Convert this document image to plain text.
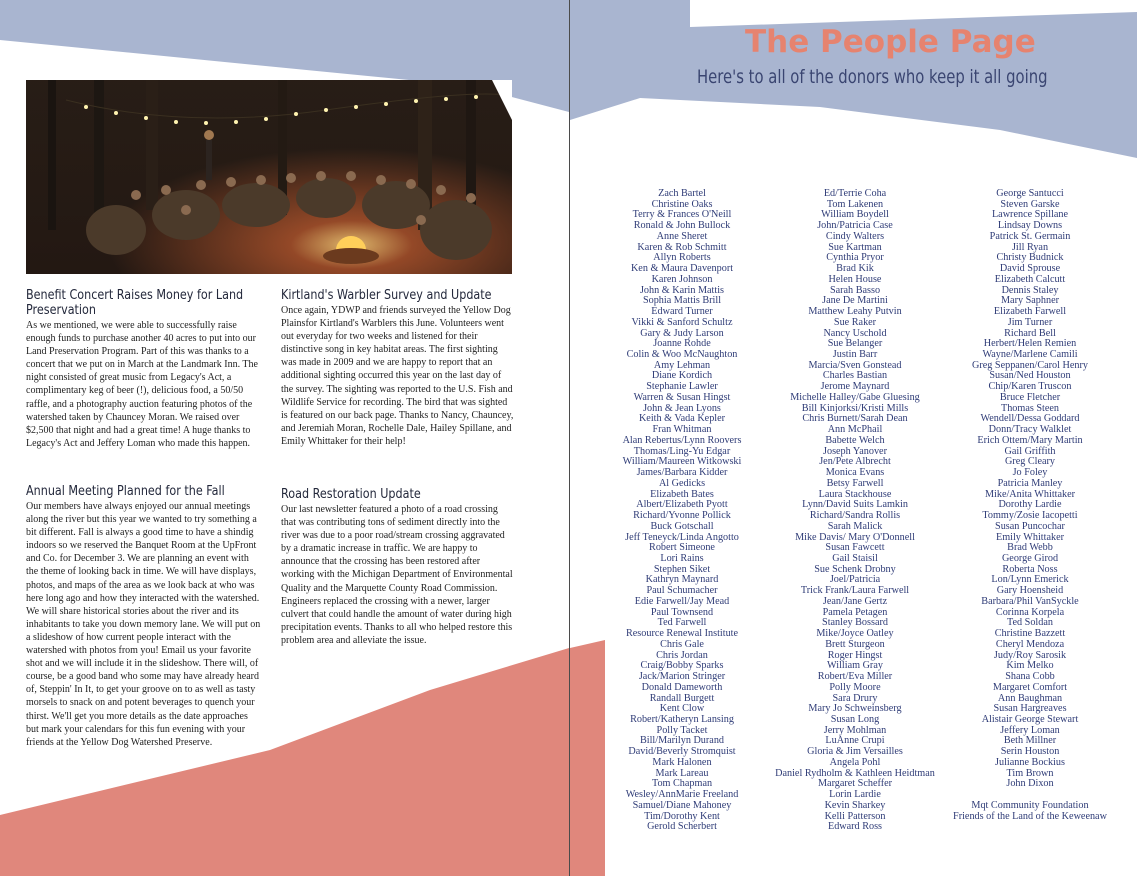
Benefit Concert Raises Money for Land Preservation

As we mentioned, we were able to successfully raise enough funds to purchase another 40 acres to put into our Land Preservation Program. Part of this was thanks to a concert that we put on in March at the Landmark Inn. The night consisted of great music from Legacy's Act, a complimentary keg of beer (!), delicious food, a 50/50 raffle, and a photography auction featuring photos of the watershed taken by Chauncey Moran. We raised over $2,500 that night and had a great time! A huge thanks to Legacy's Act and Jeffery Loman who made this happen.

Annual Meeting Planned for the Fall

Our members have always enjoyed our annual meetings along the river but this year we wanted to try something a bit different. Fall is always a good time to have a shindig indoors so we reserved the Banquet Room at the UpFront and Co. for December 3. We are planning an event with the theme of looking back in time. We will have displays, photos, and maps of the area as we look back at who was here long ago and how they interacted with the watershed. We will share historical stories about the river and its inhabitants to take you down memory lane. We will put on a slideshow of how current people interact with the watershed with photos from you! Email us your favorite shot and we will include it in the slideshow. There will, of course, be a good band who some may have already heard of, Steppin' In It, to get your groove on to as well as tasty morsels to snack on and potent beverages to quench your thirst. We'll get you more details as the date approaches but mark your calendars for this fun evening with your friends at the Yellow Dog Watershed Preserve.

Kirtland's Warbler Survey and Update

Once again, YDWP and friends surveyed the Yellow Dog Plainsfor Kirtland's Warblers this June. Volunteers went out everyday for two weeks and listened for their distinctive song in key habitat areas. The first sighting was made in 2009 and we are happy to report that an additional sighting occurred this year on the last day of the survey. The sighting was reported to the U.S. Fish and Wildlife Service for recording. The bird that was sighted is featured on our back page. Thanks to Nancy, Chauncey, and Jeremiah Moran, Rochelle Dale, Hailey Spillane, and Emily Whittaker for their help!

Road Restoration Update

Our last newsletter featured a photo of a road crossing that was contributing tons of sediment directly into the river was due to a poor road/stream crossing aggravated by a dramatic increase in traffic. We are happy to announce that the crossing has been restored after working with the Michigan Department of Environmental Quality and the Marquette County Road Commission. Engineers replaced the crossing with a newer, larger culvert that could handle the amount of water during high precipitation events. Thanks to all who helped restore this problem area and alleviate the issue.

The People Page
Here's to all of the donors who keep it all going
Zach Bartel
Christine Oaks
Terry & Frances O'Neill
Ronald & John Bullock
Anne Sheret
Karen & Rob Schmitt
Allyn Roberts
Ken & Maura Davenport
Karen Johnson
John & Karin Mattis
Sophia Mattis Brill
Edward Turner
Vikki & Sanford Schultz
Gary & Judy Larson
Joanne Rohde
Colin & Woo McNaughton
Amy Lehman
Diane Kordich
Stephanie Lawler
Warren & Susan Hingst
John & Jean Lyons
Keith & Vada Kepler
Fran Whitman
Alan Rebertus/Lynn Roovers
Thomas/Ling-Yu Edgar
William/Maureen Witkowski
James/Barbara Kidder
Al Gedicks
Elizabeth Bates
Albert/Elizabeth Pyott
Richard/Yvonne Pollick
Buck Gotschall
Jeff Teneyck/Linda Angotto
Robert Simeone
Lori Rains
Stephen Siket
Kathryn Maynard
Paul Schumacher
Edie Farwell/Jay Mead
Paul Townsend
Ted Farwell
Resource Renewal Institute
Chris Gale
Chris Jordan
Craig/Bobby Sparks
Jack/Marion Stringer
Donald Dameworth
Randall Burgett
Kent Clow
Robert/Katheryn Lansing
Polly Tacket
Bill/Marilyn Durand
David/Beverly Stromquist
Mark Halonen
Mark Lareau
Tom Chapman
Wesley/AnnMarie Freeland
Samuel/Diane Mahoney
Tim/Dorothy Kent
Gerold Scherbert
Ed/Terrie Coha
Tom Lakenen
William Boydell
John/Patricia Case
Cindy Walters
Sue Kartman
Cynthia Pryor
Brad Kik
Helen House
Sarah Basso
Jane De Martini
Matthew Leahy Putvin
Sue Raker
Nancy Uschold
Sue Belanger
Justin Barr
Marcia/Sven Gonstead
Charles Bastian
Jerome Maynard
Michelle Halley/Gabe Gluesing
Bill Kinjorksi/Kristi Mills
Chris Burnett/Sarah Dean
Ann McPhail
Babette Welch
Joseph Yanover
Jen/Pete Albrecht
Monica Evans
Betsy Farwell
Laura Stackhouse
Lynn/David Suits Lamkin
Richard/Sandra Rollis
Sarah Malick
Mike Davis/ Mary O'Donnell
Susan Fawcett
Gail Staisil
Sue Schenk Drobny
Joel/Patricia
Trick Frank/Laura Farwell
Jean/Jane Gertz
Pamela Petagen
Stanley Bossard
Mike/Joyce Oatley
Brett Sturgeon
Roger Hingst
William Gray
Robert/Eva Miller
Polly Moore
Sara Drury
Mary Jo Schweinsberg
Susan Long
Jerry Mohlman
LuAnne Crupi
Gloria & Jim Versailles
Angela Pohl
Daniel Rydholm & Kathleen Heidtman
Margaret Scheffer
Lorin Lardie
Kevin Sharkey
Kelli Patterson
Edward Ross
George Santucci
Steven Garske
Lawrence Spillane
Lindsay Downs
Patrick St. Germain
Jill Ryan
Christy Budnick
David Sprouse
Elizabeth Calcutt
Dennis Staley
Mary Saphner
Elizabeth Farwell
Jim Turner
Richard Bell
Herbert/Helen Remien
Wayne/Marlene Camili
Greg Seppanen/Carol Henry
Susan/Ned Houston
Chip/Karen Truscon
Bruce Fletcher
Thomas Steen
Wendell/Dessa Goddard
Donn/Tracy Walklet
Erich Ottem/Mary Martin
Gail Griffith
Greg Cleary
Jo Foley
Patricia Manley
Mike/Anita Whittaker
Dorothy Lardie
Tommy/Zosie Iacopetti
Susan Puncochar
Emily Whittaker
Brad Webb
George Girod
Roberta Noss
Lon/Lynn Emerick
Gary Hoensheid
Barbara/Phil VanSyckle
Corinna Korpela
Ted Soldan
Christine Bazzett
Cheryl Mendoza
Judy/Roy Sarosik
Kim Melko
Shana Cobb
Margaret Comfort
Ann Baughman
Susan Hargreaves
Alistair George Stewart
Jeffery Loman
Beth Millner
Serin Houston
Julianne Bockius
Tim Brown
John Dixon
Mqt Community Foundation
Friends of the Land of the Keweenaw
